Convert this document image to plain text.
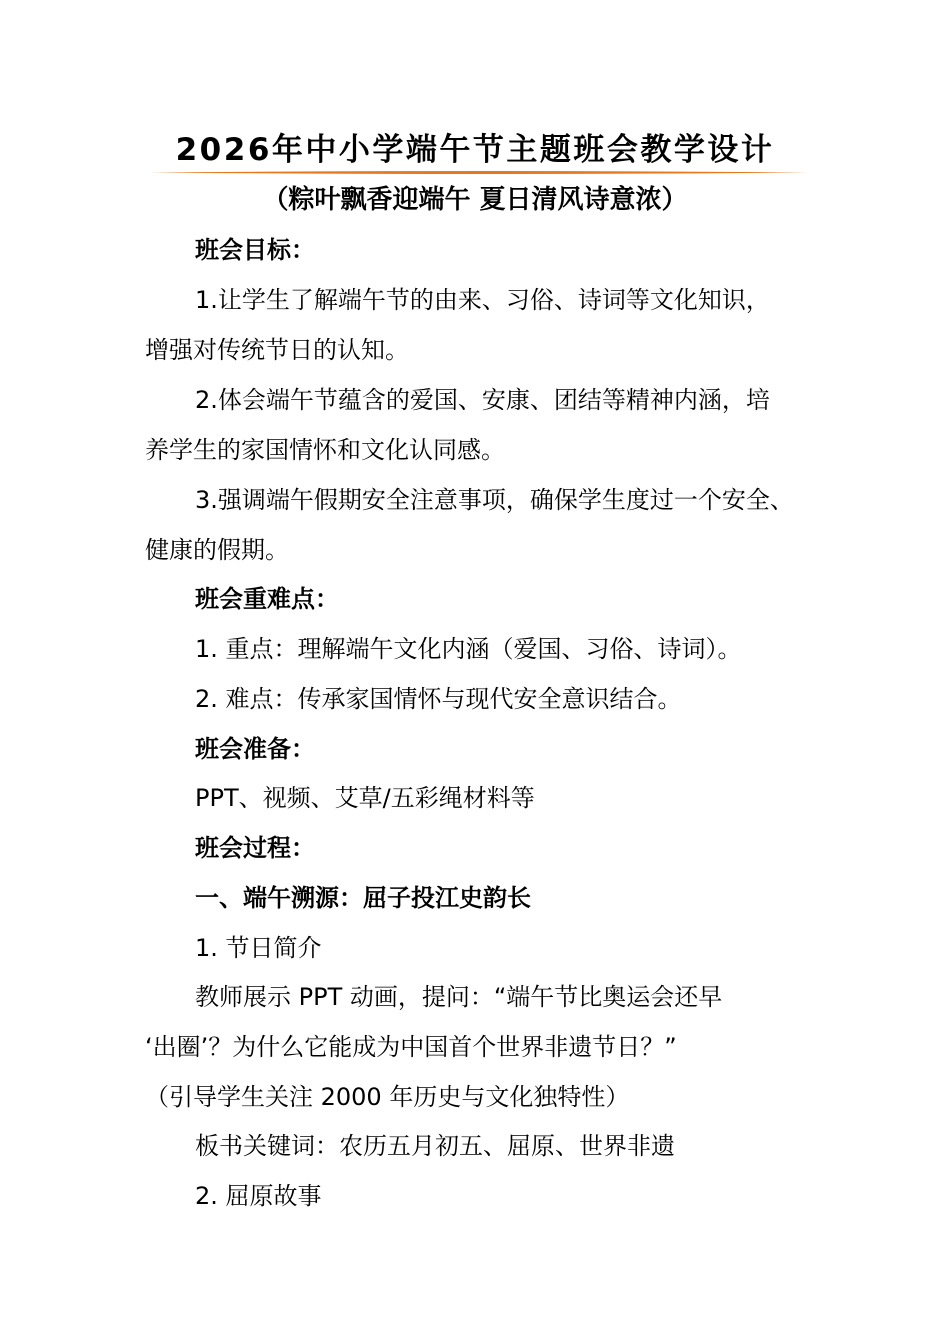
2026年中小学端午节主题班会教学设计
（粽叶飘香迎端午 夏日清风诗意浓）
班会目标：
1.让学生了解端午节的由来、习俗、诗词等文化知识，
增强对传统节日的认知。
2.体会端午节蕴含的爱国、安康、团结等精神内涵，培
养学生的家国情怀和文化认同感。
3.强调端午假期安全注意事项，确保学生度过一个安全、
健康的假期。
班会重难点：
1. 重点：理解端午文化内涵（爱国、习俗、诗词）。
2. 难点：传承家国情怀与现代安全意识结合。
班会准备：
PPT、视频、艾草/五彩绳材料等
班会过程：
一、端午溯源：屈子投江史韵长
1. 节日简介
教师展示 PPT 动画，提问：“端午节比奥运会还早
‘出圈’？为什么它能成为中国首个世界非遗节日？”
（引导学生关注 2000 年历史与文化独特性）
板书关键词：农历五月初五、屈原、世界非遗
2. 屈原故事
